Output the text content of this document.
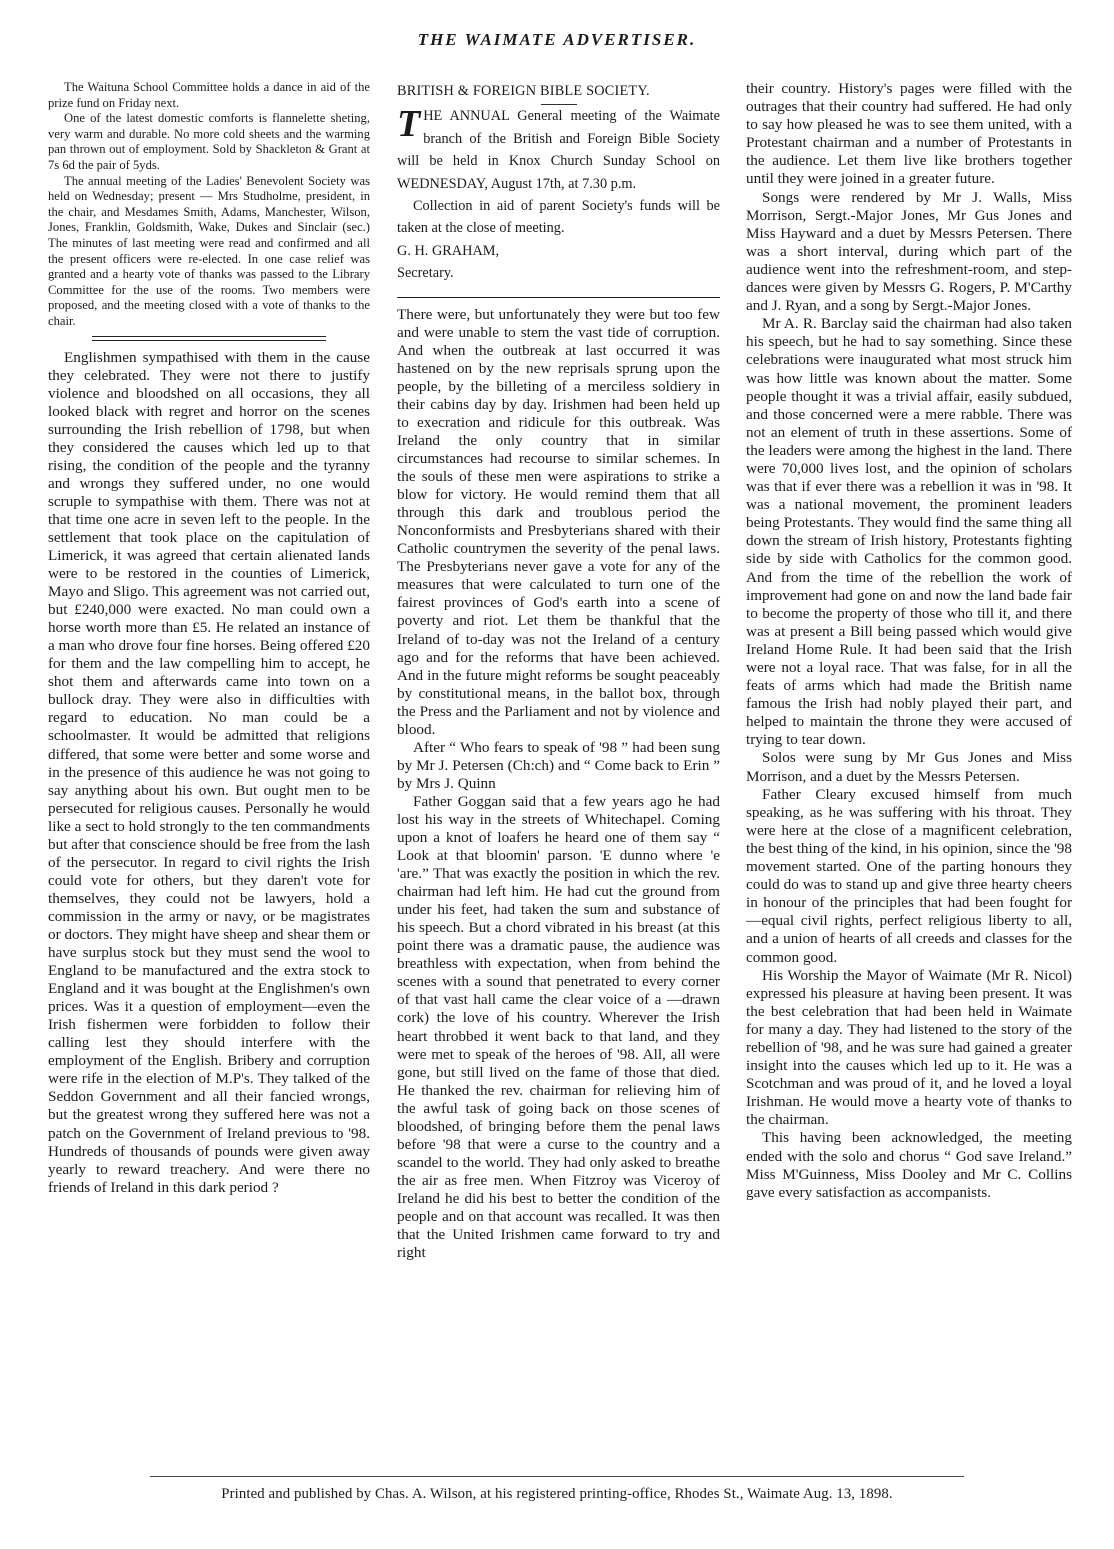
THE WAIMATE ADVERTISER.

The Waituna School Committee holds a dance in aid of the prize fund on Friday next.

One of the latest domestic comforts is flannelette sheting, very warm and durable. No more cold sheets and the warming pan thrown out of employment. Sold by Shackleton & Grant at 7s 6d the pair of 5yds.

The annual meeting of the Ladies' Benevolent Society was held on Wednesday; present — Mrs Studholme, president, in the chair, and Mesdames Smith, Adams, Manchester, Wilson, Jones, Franklin, Goldsmith, Wake, Dukes and Sinclair (sec.) The minutes of last meeting were read and confirmed and all the present officers were re-elected. In one case relief was granted and a hearty vote of thanks was passed to the Library Committee for the use of the rooms. Two members were proposed, and the meeting closed with a vote of thanks to the chair.

Englishmen sympathised with them in the cause they celebrated. They were not there to justify violence and bloodshed on all occasions, they all looked black with regret and horror on the scenes surrounding the Irish rebellion of 1798, but when they considered the causes which led up to that rising, the condition of the people and the tyranny and wrongs they suffered under, no one would scruple to sympathise with them. There was not at that time one acre in seven left to the people. In the settlement that took place on the capitulation of Limerick, it was agreed that certain alienated lands were to be restored in the counties of Limerick, Mayo and Sligo. This agreement was not carried out, but £240,000 were exacted. No man could own a horse worth more than £5. He related an instance of a man who drove four fine horses. Being offered £20 for them and the law compelling him to accept, he shot them and afterwards came into town on a bullock dray. They were also in difficulties with regard to education. No man could be a schoolmaster. It would be admitted that religions differed, that some were better and some worse and in the presence of this audience he was not going to say anything about his own. But ought men to be persecuted for religious causes. Personally he would like a sect to hold strongly to the ten commandments but after that conscience should be free from the lash of the persecutor. In regard to civil rights the Irish could vote for others, but they daren't vote for themselves, they could not be lawyers, hold a commission in the army or navy, or be magistrates or doctors. They might have sheep and shear them or have surplus stock but they must send the wool to England to be manufactured and the extra stock to England and it was bought at the Englishmen's own prices. Was it a question of employment—even the Irish fishermen were forbidden to follow their calling lest they should interfere with the employment of the English. Bribery and corruption were rife in the election of M.P's. They talked of the Seddon Government and all their fancied wrongs, but the greatest wrong they suffered here was not a patch on the Government of Ireland previous to '98. Hundreds of thousands of pounds were given away yearly to reward treachery. And were there no friends of Ireland in this dark period ?

BRITISH & FOREIGN BIBLE SOCIETY.

THE ANNUAL General meeting of the Waimate branch of the British and Foreign Bible Society will be held in Knox Church Sunday School on WEDNESDAY, August 17th, at 7.30 p.m.

Collection in aid of parent Society's funds will be taken at the close of meeting.

G. H. GRAHAM,

Secretary.

There were, but unfortunately they were but too few and were unable to stem the vast tide of corruption. And when the outbreak at last occurred it was hastened on by the new reprisals sprung upon the people, by the billeting of a merciless soldiery in their cabins day by day. Irishmen had been held up to execration and ridicule for this outbreak. Was Ireland the only country that in similar circumstances had recourse to similar schemes. In the souls of these men were aspirations to strike a blow for victory. He would remind them that all through this dark and troublous period the Nonconformists and Presbyterians shared with their Catholic countrymen the severity of the penal laws. The Presbyterians never gave a vote for any of the measures that were calculated to turn one of the fairest provinces of God's earth into a scene of poverty and riot. Let them be thankful that the Ireland of to-day was not the Ireland of a century ago and for the reforms that have been achieved. And in the future might reforms be sought peaceably by constitutional means, in the ballot box, through the Press and the Parliament and not by violence and blood.

After “ Who fears to speak of '98 ” had been sung by Mr J. Petersen (Ch:ch) and “ Come back to Erin ” by Mrs J. Quinn

Father Goggan said that a few years ago he had lost his way in the streets of Whitechapel. Coming upon a knot of loafers he heard one of them say “ Look at that bloomin' parson. 'E dunno where 'e 'are.” That was exactly the position in which the rev. chairman had left him. He had cut the ground from under his feet, had taken the sum and substance of his speech. But a chord vibrated in his breast (at this point there was a dramatic pause, the audience was breathless with expectation, when from behind the scenes with a sound that penetrated to every corner of that vast hall came the clear voice of a —drawn cork) the love of his country. Wherever the Irish heart throbbed it went back to that land, and they were met to speak of the heroes of '98. All, all were gone, but still lived on the fame of those that died. He thanked the rev. chairman for relieving him of the awful task of going back on those scenes of bloodshed, of bringing before them the penal laws before '98 that were a curse to the country and a scandel to the world. They had only asked to breathe the air as free men. When Fitzroy was Viceroy of Ireland he did his best to better the condition of the people and on that account was recalled. It was then that the United Irishmen came forward to try and right

their country. History's pages were filled with the outrages that their country had suffered. He had only to say how pleased he was to see them united, with a Protestant chairman and a number of Protestants in the audience. Let them live like brothers together until they were joined in a greater future.

Songs were rendered by Mr J. Walls, Miss Morrison, Sergt.-Major Jones, Mr Gus Jones and Miss Hayward and a duet by Messrs Petersen. There was a short interval, during which part of the audience went into the refreshment-room, and step-dances were given by Messrs G. Rogers, P. M'Carthy and J. Ryan, and a song by Sergt.-Major Jones.

Mr A. R. Barclay said the chairman had also taken his speech, but he had to say something. Since these celebrations were inaugurated what most struck him was how little was known about the matter. Some people thought it was a trivial affair, easily subdued, and those concerned were a mere rabble. There was not an element of truth in these assertions. Some of the leaders were among the highest in the land. There were 70,000 lives lost, and the opinion of scholars was that if ever there was a rebellion it was in '98. It was a national movement, the prominent leaders being Protestants. They would find the same thing all down the stream of Irish history, Protestants fighting side by side with Catholics for the common good. And from the time of the rebellion the work of improvement had gone on and now the land bade fair to become the property of those who till it, and there was at present a Bill being passed which would give Ireland Home Rule. It had been said that the Irish were not a loyal race. That was false, for in all the feats of arms which had made the British name famous the Irish had nobly played their part, and helped to maintain the throne they were accused of trying to tear down.

Solos were sung by Mr Gus Jones and Miss Morrison, and a duet by the Messrs Petersen.

Father Cleary excused himself from much speaking, as he was suffering with his throat. They were here at the close of a magnificent celebration, the best thing of the kind, in his opinion, since the '98 movement started. One of the parting honours they could do was to stand up and give three hearty cheers in honour of the principles that had been fought for—equal civil rights, perfect religious liberty to all, and a union of hearts of all creeds and classes for the common good.

His Worship the Mayor of Waimate (Mr R. Nicol) expressed his pleasure at having been present. It was the best celebration that had been held in Waimate for many a day. They had listened to the story of the rebellion of '98, and he was sure had gained a greater insight into the causes which led up to it. He was a Scotchman and was proud of it, and he loved a loyal Irishman. He would move a hearty vote of thanks to the chairman.

This having been acknowledged, the meeting ended with the solo and chorus “ God save Ireland.” Miss M'Guinness, Miss Dooley and Mr C. Collins gave every satisfaction as accompanists.

Printed and published by Chas. A. Wilson, at his registered printing-office, Rhodes St., Waimate Aug. 13, 1898.
